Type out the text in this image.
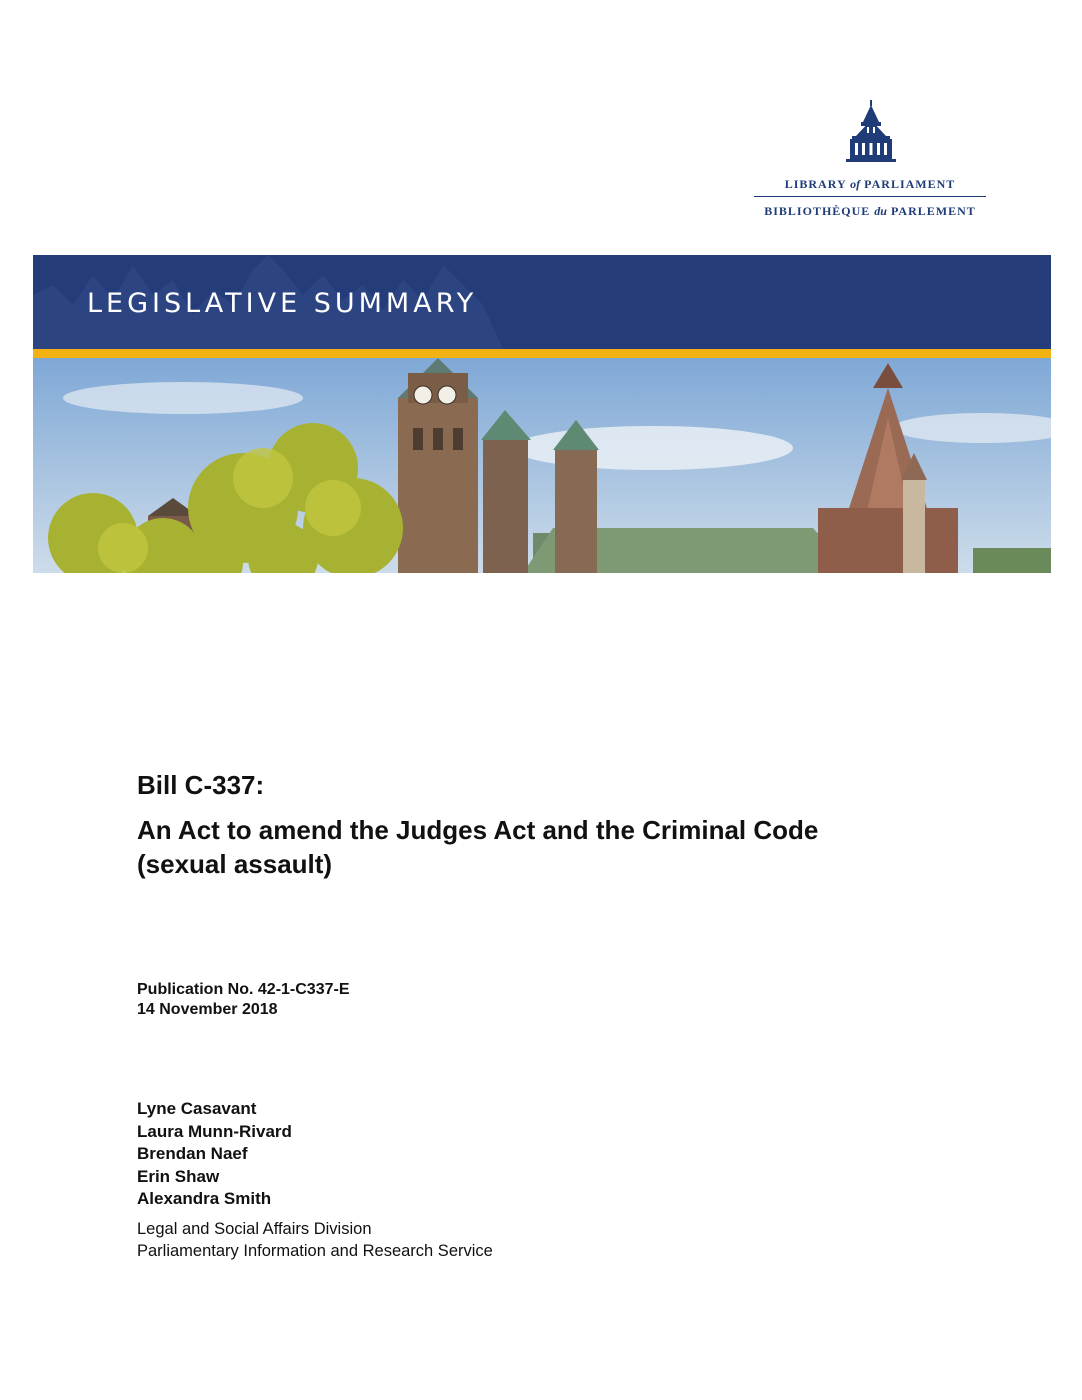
LIBRARY of PARLIAMENT
BIBLIOTHÈQUE du PARLEMENT
LEGISLATIVE SUMMARY
Bill C-337:
An Act to amend the Judges Act and the Criminal Code
(sexual assault)
Publication No. 42-1-C337-E
14 November 2018
Lyne Casavant
Laura Munn-Rivard
Brendan Naef
Erin Shaw
Alexandra Smith
Legal and Social Affairs Division
Parliamentary Information and Research Service
